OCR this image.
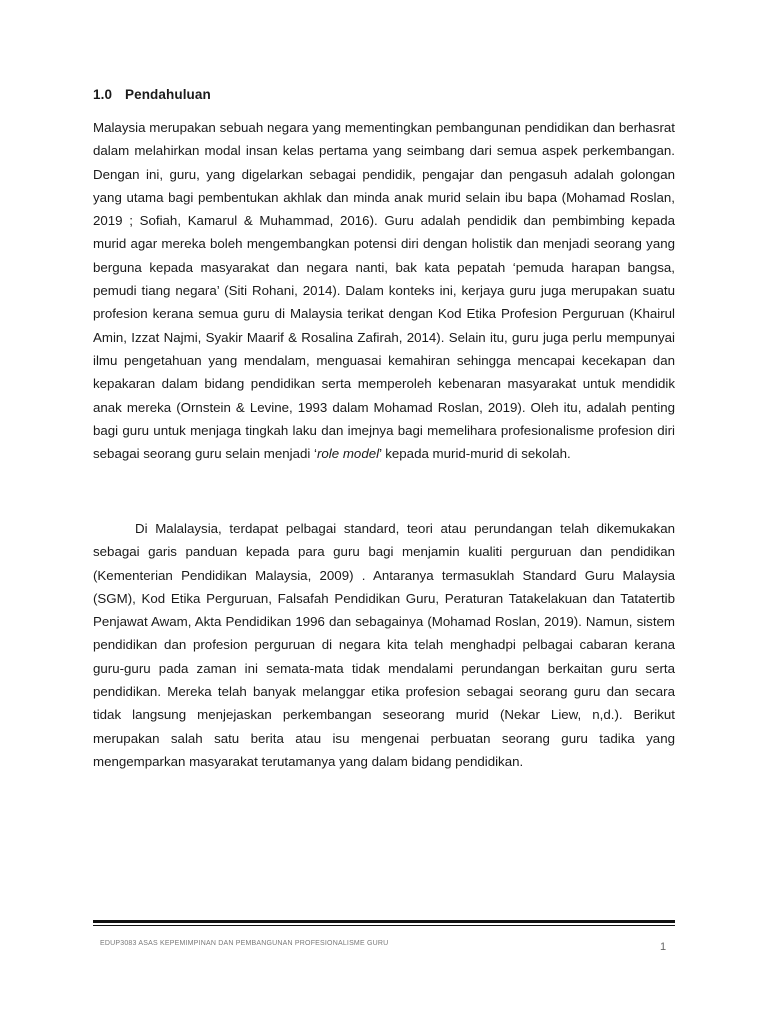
1.0 Pendahuluan

Malaysia merupakan sebuah negara yang mementingkan pembangunan pendidikan dan berhasrat dalam melahirkan modal insan kelas pertama yang seimbang dari semua aspek perkembangan. Dengan ini, guru, yang digelarkan sebagai pendidik, pengajar dan pengasuh adalah golongan yang utama bagi pembentukan akhlak dan minda anak murid selain ibu bapa (Mohamad Roslan, 2019 ; Sofiah, Kamarul & Muhammad, 2016). Guru adalah pendidik dan pembimbing kepada murid agar mereka boleh mengembangkan potensi diri dengan holistik dan menjadi seorang yang berguna kepada masyarakat dan negara nanti, bak kata pepatah ‘pemuda harapan bangsa, pemudi tiang negara’ (Siti Rohani, 2014). Dalam konteks ini, kerjaya guru juga merupakan suatu profesion kerana semua guru di Malaysia terikat dengan Kod Etika Profesion Perguruan (Khairul Amin, Izzat Najmi, Syakir Maarif & Rosalina Zafirah, 2014). Selain itu, guru juga perlu mempunyai ilmu pengetahuan yang mendalam, menguasai kemahiran sehingga mencapai kecekapan dan kepakaran dalam bidang pendidikan serta memperoleh kebenaran masyarakat untuk mendidik anak mereka (Ornstein & Levine, 1993 dalam Mohamad Roslan, 2019). Oleh itu, adalah penting bagi guru untuk menjaga tingkah laku dan imejnya bagi memelihara profesionalisme profesion diri sebagai seorang guru selain menjadi ‘role model’ kepada murid-murid di sekolah.

Di Malalaysia, terdapat pelbagai standard, teori atau perundangan telah dikemukakan sebagai garis panduan kepada para guru bagi menjamin kualiti perguruan dan pendidikan (Kementerian Pendidikan Malaysia, 2009) . Antaranya termasuklah Standard Guru Malaysia (SGM), Kod Etika Perguruan, Falsafah Pendidikan Guru, Peraturan Tatakelakuan dan Tatatertib Penjawat Awam, Akta Pendidikan 1996 dan sebagainya (Mohamad Roslan, 2019). Namun, sistem pendidikan dan profesion perguruan di negara kita telah menghadpi pelbagai cabaran kerana guru-guru pada zaman ini semata-mata tidak mendalami perundangan berkaitan guru serta pendidikan. Mereka telah banyak melanggar etika profesion sebagai seorang guru dan secara tidak langsung menjejaskan perkembangan seseorang murid (Nekar Liew, n,d.). Berikut merupakan salah satu berita atau isu mengenai perbuatan seorang guru tadika yang mengemparkan masyarakat terutamanya yang dalam bidang pendidikan.

EDUP3083 ASAS KEPEMIMPINAN DAN PEMBANGUNAN PROFESIONALISME GURU	1
